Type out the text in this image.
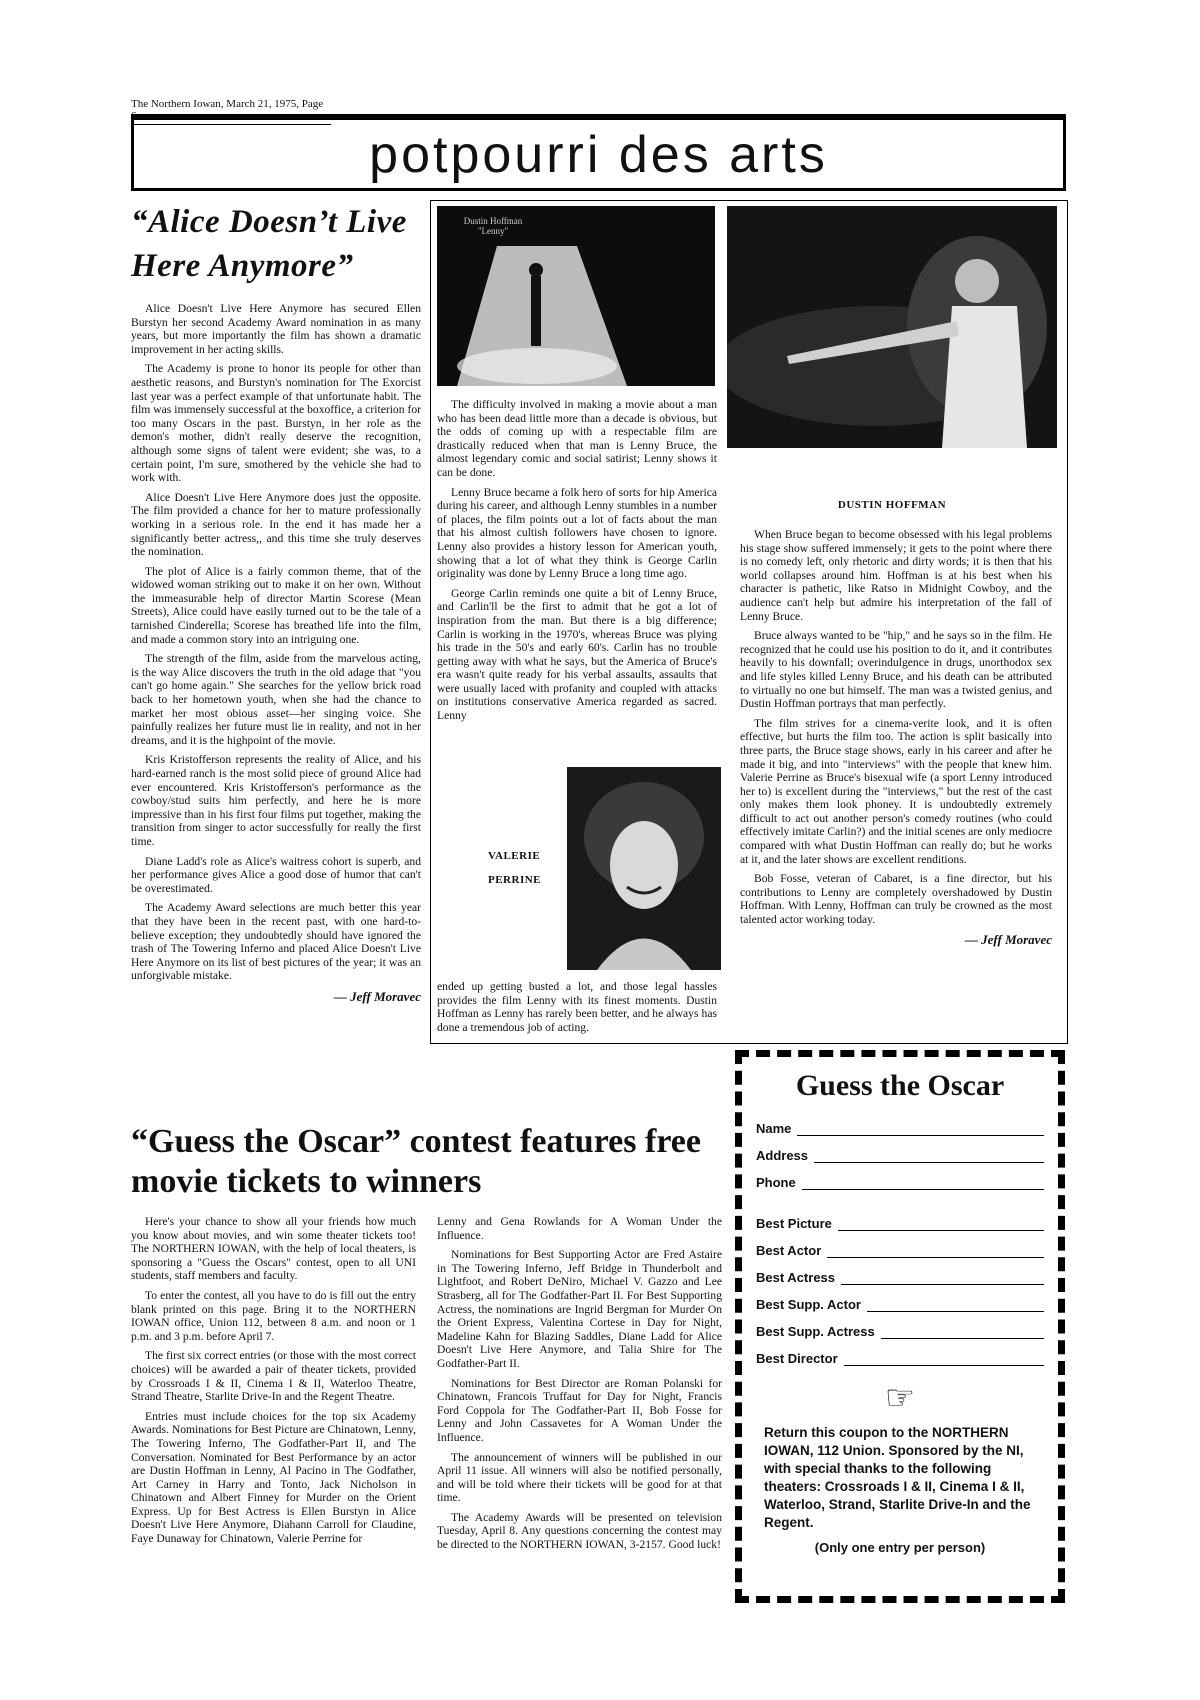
The Northern Iowan, March 21, 1975, Page 6
potpourri des arts
“Alice Doesn’t Live Here Anymore”

Alice Doesn't Live Here Anymore has secured Ellen Burstyn her second Academy Award nomination in as many years, but more importantly the film has shown a dramatic improvement in her acting skills.

The Academy is prone to honor its people for other than aesthetic reasons, and Burstyn's nomination for The Exorcist last year was a perfect example of that unfortunate habit. The film was immensely successful at the boxoffice, a criterion for too many Oscars in the past. Burstyn, in her role as the demon's mother, didn't really deserve the recognition, although some signs of talent were evident; she was, to a certain point, I'm sure, smothered by the vehicle she had to work with.

Alice Doesn't Live Here Anymore does just the opposite. The film provided a chance for her to mature professionally working in a serious role. In the end it has made her a significantly better actress,, and this time she truly deserves the nomination.

The plot of Alice is a fairly common theme, that of the widowed woman striking out to make it on her own. Without the immeasurable help of director Martin Scorese (Mean Streets), Alice could have easily turned out to be the tale of a tarnished Cinderella; Scorese has breathed life into the film, and made a common story into an intriguing one.

The strength of the film, aside from the marvelous acting, is the way Alice discovers the truth in the old adage that "you can't go home again." She searches for the yellow brick road back to her hometown youth, when she had the chance to market her most obious asset—her singing voice. She painfully realizes her future must lie in reality, and not in her dreams, and it is the highpoint of the movie.

Kris Kristofferson represents the reality of Alice, and his hard-earned ranch is the most solid piece of ground Alice had ever encountered. Kris Kristofferson's performance as the cowboy/stud suits him perfectly, and here he is more impressive than in his first four films put together, making the transition from singer to actor successfully for really the first time.

Diane Ladd's role as Alice's waitress cohort is superb, and her performance gives Alice a good dose of humor that can't be overestimated.

The Academy Award selections are much better this year that they have been in the recent past, with one hard-to-believe exception; they undoubtedly should have ignored the trash of The Towering Inferno and placed Alice Doesn't Live Here Anymore on its list of best pictures of the year; it was an unforgivable mistake.

— Jeff Moravec
Dustin Hoffman "Lenny"

The difficulty involved in making a movie about a man who has been dead little more than a decade is obvious, but the odds of coming up with a respectable film are drastically reduced when that man is Lenny Bruce, the almost legendary comic and social satirist; Lenny shows it can be done.

Lenny Bruce became a folk hero of sorts for hip America during his career, and although Lenny stumbles in a number of places, the film points out a lot of facts about the man that his almost cultish followers have chosen to ignore. Lenny also provides a history lesson for American youth, showing that a lot of what they think is George Carlin originality was done by Lenny Bruce a long time ago.

George Carlin reminds one quite a bit of Lenny Bruce, and Carlin'll be the first to admit that he got a lot of inspiration from the man. But there is a big difference; Carlin is working in the 1970's, whereas Bruce was plying his trade in the 50's and early 60's. Carlin has no trouble getting away with what he says, but the America of Bruce's era wasn't quite ready for his verbal assaults, assaults that were usually laced with profanity and coupled with attacks on institutions conservative America regarded as sacred. Lenny

VALERIE
PERRINE

ended up getting busted a lot, and those legal hassles provides the film Lenny with its finest moments. Dustin Hoffman as Lenny has rarely been better, and he always has done a tremendous job of acting.

DUSTIN HOFFMAN

When Bruce began to become obsessed with his legal problems his stage show suffered immensely; it gets to the point where there is no comedy left, only rhetoric and dirty words; it is then that his world collapses around him. Hoffman is at his best when his character is pathetic, like Ratso in Midnight Cowboy, and the audience can't help but admire his interpretation of the fall of Lenny Bruce.

Bruce always wanted to be "hip," and he says so in the film. He recognized that he could use his position to do it, and it contributes heavily to his downfall; overindulgence in drugs, unorthodox sex and life styles killed Lenny Bruce, and his death can be attributed to virtually no one but himself. The man was a twisted genius, and Dustin Hoffman portrays that man perfectly.

The film strives for a cinema-verite look, and it is often effective, but hurts the film too. The action is split basically into three parts, the Bruce stage shows, early in his career and after he made it big, and into "interviews" with the people that knew him. Valerie Perrine as Bruce's bisexual wife (a sport Lenny introduced her to) is excellent during the "interviews," but the rest of the cast only makes them look phoney. It is undoubtedly extremely difficult to act out another person's comedy routines (who could effectively imitate Carlin?) and the initial scenes are only mediocre compared with what Dustin Hoffman can really do; but he works at it, and the later shows are excellent renditions.

Bob Fosse, veteran of Cabaret, is a fine director, but his contributions to Lenny are completely overshadowed by Dustin Hoffman. With Lenny, Hoffman can truly be crowned as the most talented actor working today.

— Jeff Moravec
“Guess the Oscar” contest features free movie tickets to winners

Here's your chance to show all your friends how much you know about movies, and win some theater tickets too! The NORTHERN IOWAN, with the help of local theaters, is sponsoring a "Guess the Oscars" contest, open to all UNI students, staff members and faculty.

To enter the contest, all you have to do is fill out the entry blank printed on this page. Bring it to the NORTHERN IOWAN office, Union 112, between 8 a.m. and noon or 1 p.m. and 3 p.m. before April 7.

The first six correct entries (or those with the most correct choices) will be awarded a pair of theater tickets, provided by Crossroads I & II, Cinema I & II, Waterloo Theatre, Strand Theatre, Starlite Drive-In and the Regent Theatre.

Entries must include choices for the top six Academy Awards. Nominations for Best Picture are Chinatown, Lenny, The Towering Inferno, The Godfather-Part II, and The Conversation. Nominated for Best Performance by an actor are Dustin Hoffman in Lenny, Al Pacino in The Godfather, Art Carney in Harry and Tonto, Jack Nicholson in Chinatown and Albert Finney for Murder on the Orient Express. Up for Best Actress is Ellen Burstyn in Alice Doesn't Live Here Anymore, Diahann Carroll for Claudine, Faye Dunaway for Chinatown, Valerie Perrine for

Lenny and Gena Rowlands for A Woman Under the Influence.

Nominations for Best Supporting Actor are Fred Astaire in The Towering Inferno, Jeff Bridge in Thunderbolt and Lightfoot, and Robert DeNiro, Michael V. Gazzo and Lee Strasberg, all for The Godfather-Part II. For Best Supporting Actress, the nominations are Ingrid Bergman for Murder On the Orient Express, Valentina Cortese in Day for Night, Madeline Kahn for Blazing Saddles, Diane Ladd for Alice Doesn't Live Here Anymore, and Talia Shire for The Godfather-Part II.

Nominations for Best Director are Roman Polanski for Chinatown, Francois Truffaut for Day for Night, Francis Ford Coppola for The Godfather-Part II, Bob Fosse for Lenny and John Cassavetes for A Woman Under the Influence.

The announcement of winners will be published in our April 11 issue. All winners will also be notified personally, and will be told where their tickets will be good for at that time.

The Academy Awards will be presented on television Tuesday, April 8. Any questions concerning the contest may be directed to the NORTHERN IOWAN, 3-2157. Good luck!

Guess the Oscar
Name
Address
Phone
Best Picture
Best Actor
Best Actress
Best Supp. Actor
Best Supp. Actress
Best Director
☞
Return this coupon to the NORTHERN IOWAN, 112 Union. Sponsored by the NI, with special thanks to the following theaters: Crossroads I & II, Cinema I & II, Waterloo, Strand, Starlite Drive-In and the Regent.
(Only one entry per person)
